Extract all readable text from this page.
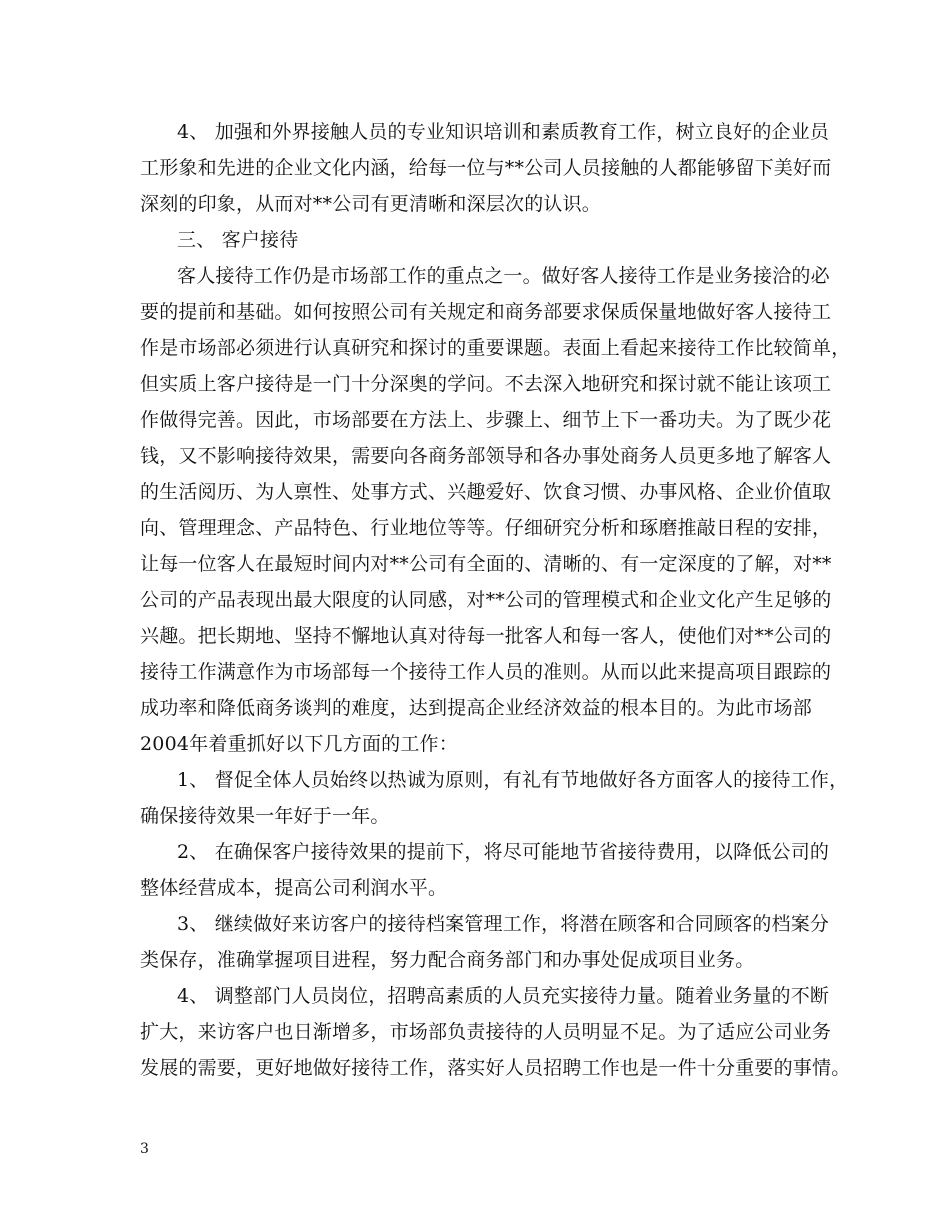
4、 加强和外界接触人员的专业知识培训和素质教育工作，树立良好的企业员
工形象和先进的企业文化内涵，给每一位与**公司人员接触的人都能够留下美好而
深刻的印象，从而对**公司有更清晰和深层次的认识。
三、 客户接待
客人接待工作仍是市场部工作的重点之一。做好客人接待工作是业务接洽的必
要的提前和基础。如何按照公司有关规定和商务部要求保质保量地做好客人接待工
作是市场部必须进行认真研究和探讨的重要课题。表面上看起来接待工作比较简单，
但实质上客户接待是一门十分深奥的学问。不去深入地研究和探讨就不能让该项工
作做得完善。因此，市场部要在方法上、步骤上、细节上下一番功夫。为了既少花
钱，又不影响接待效果，需要向各商务部领导和各办事处商务人员更多地了解客人
的生活阅历、为人禀性、处事方式、兴趣爱好、饮食习惯、办事风格、企业价值取
向、管理理念、产品特色、行业地位等等。仔细研究分析和琢磨推敲日程的安排，
让每一位客人在最短时间内对**公司有全面的、清晰的、有一定深度的了解，对**
公司的产品表现出最大限度的认同感，对**公司的管理模式和企业文化产生足够的
兴趣。把长期地、坚持不懈地认真对待每一批客人和每一客人，使他们对**公司的
接待工作满意作为市场部每一个接待工作人员的准则。从而以此来提高项目跟踪的
成功率和降低商务谈判的难度，达到提高企业经济效益的根本目的。为此市场部
2004年着重抓好以下几方面的工作：
1、 督促全体人员始终以热诚为原则，有礼有节地做好各方面客人的接待工作，
确保接待效果一年好于一年。
2、 在确保客户接待效果的提前下，将尽可能地节省接待费用，以降低公司的
整体经营成本，提高公司利润水平。
3、 继续做好来访客户的接待档案管理工作，将潜在顾客和合同顾客的档案分
类保存，准确掌握项目进程，努力配合商务部门和办事处促成项目业务。
4、 调整部门人员岗位，招聘高素质的人员充实接待力量。随着业务量的不断
扩大，来访客户也日渐增多，市场部负责接待的人员明显不足。为了适应公司业务
发展的需要，更好地做好接待工作，落实好人员招聘工作也是一件十分重要的事情。
3
